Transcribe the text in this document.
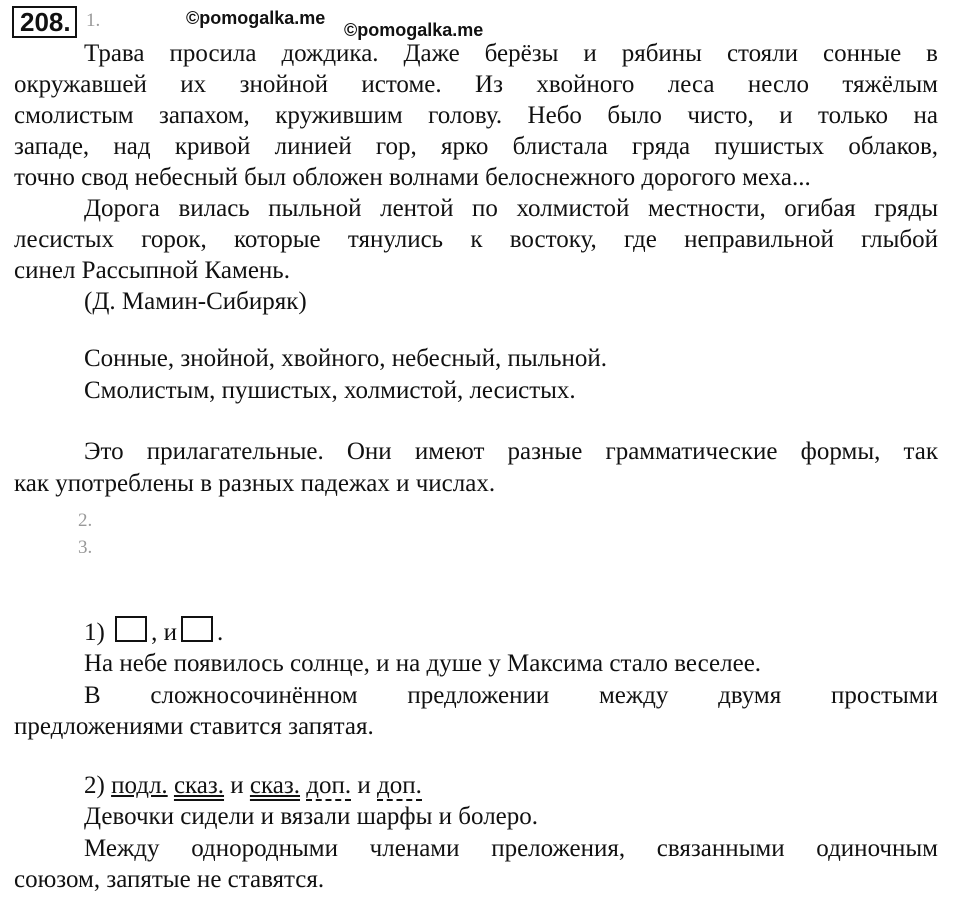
208. 1.	©pomogalka.me
©pomogalka.me
Трава просила дождика. Даже берёзы и рябины стояли сонные в
окружавшей их знойной истоме. Из хвойного леса несло тяжёлым
смолистым запахом, кружившим голову. Небо было чисто, и только на
западе, над кривой линией гор, ярко блистала гряда пушистых облаков,
точно свод небесный был обложен волнами белоснежного дорогого меха...
Дорога вилась пыльной лентой по холмистой местности, огибая гряды
лесистых горок, которые тянулись к востоку, где неправильной глыбой
синел Рассыпной Камень.
(Д. Мамин-Сибиряк)
Сонные, знойной, хвойного, небесный, пыльной.
Смолистым, пушистых, холмистой, лесистых.
Это прилагательные. Они имеют разные грамматические формы, так
как употреблены в разных падежах и числах.
2.
3.
1) , и .
На небе появилось солнце, и на душе у Максима стало веселее.
В сложносочинённом предложении между двумя простыми
предложениями ставится запятая.
2) подл. сказ. и сказ. доп. и доп.
Девочки сидели и вязали шарфы и болеро.
Между однородными членами преложения, связанными одиночным
союзом, запятые не ставятся.
